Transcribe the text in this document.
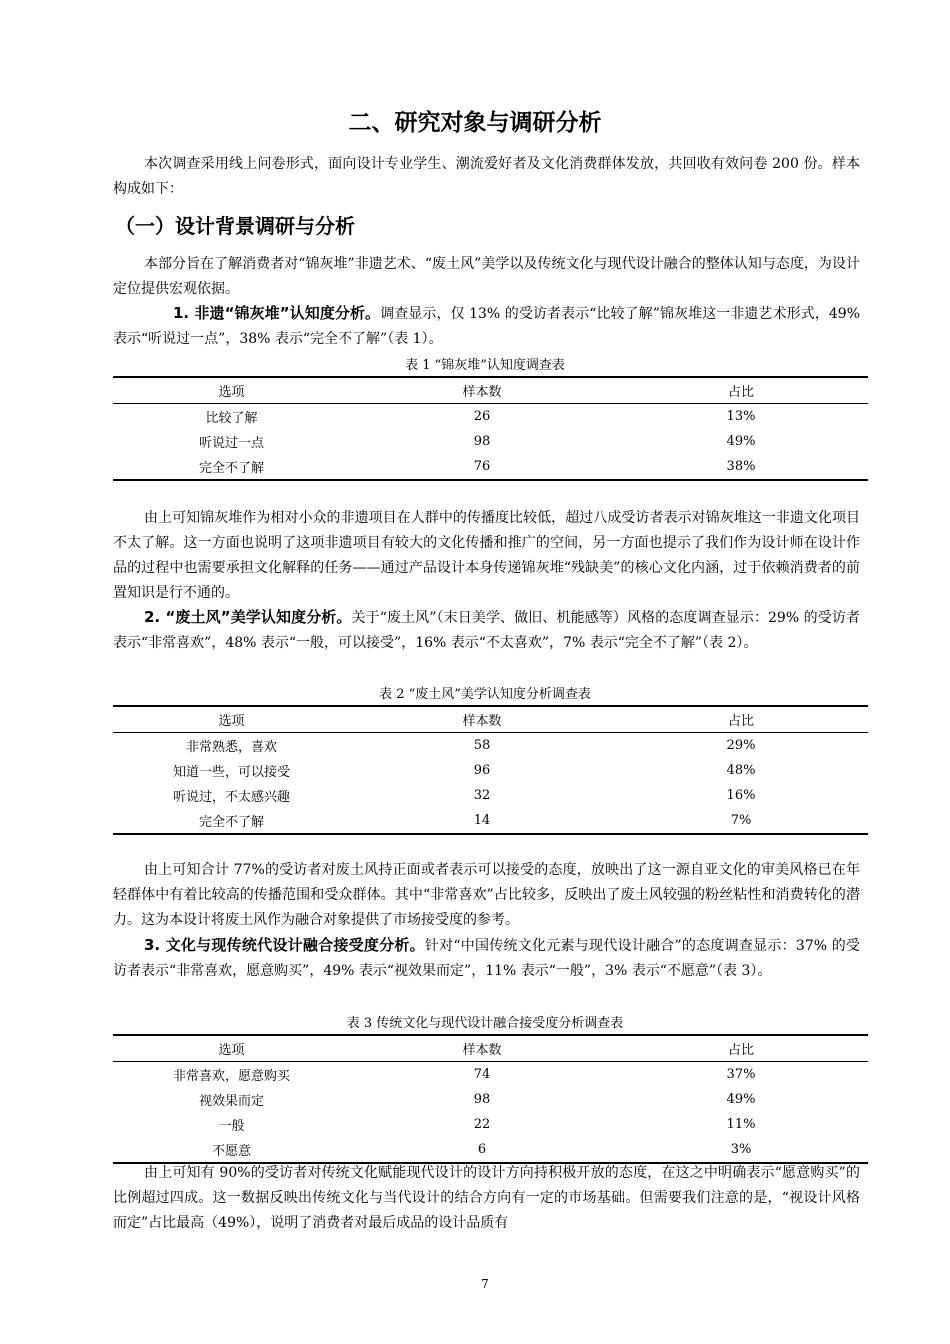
二、研究对象与调研分析

本次调查采用线上问卷形式，面向设计专业学生、潮流爱好者及文化消费群体发放，共回收有效问卷 200 份。样本构成如下：

（一）设计背景调研与分析

本部分旨在了解消费者对“锦灰堆”非遗艺术、“废土风”美学以及传统文化与现代设计融合的整体认知与态度，为设计定位提供宏观依据。

1. 非遗“锦灰堆”认知度分析。调查显示，仅 13% 的受访者表示“比较了解”锦灰堆这一非遗艺术形式，49% 表示“听说过一点”，38% 表示“完全不了解”（表 1）。

表 1 “锦灰堆”认知度调查表

选项	样本数	占比
比较了解	26	13%
听说过一点	98	49%
完全不了解	76	38%

由上可知锦灰堆作为相对小众的非遗项目在人群中的传播度比较低，超过八成受访者表示对锦灰堆这一非遗文化项目不太了解。这一方面也说明了这项非遗项目有较大的文化传播和推广的空间，另一方面也提示了我们作为设计师在设计作品的过程中也需要承担文化解释的任务——通过产品设计本身传递锦灰堆“残缺美”的核心文化内涵，过于依赖消费者的前置知识是行不通的。

2. “废土风”美学认知度分析。关于“废土风”（末日美学、做旧、机能感等）风格的态度调查显示：29% 的受访者表示“非常喜欢”，48% 表示“一般，可以接受”，16% 表示“不太喜欢”，7% 表示“完全不了解”（表 2）。

表 2 “废土风”美学认知度分析调查表

选项	样本数	占比
非常熟悉，喜欢	58	29%
知道一些，可以接受	96	48%
听说过，不太感兴趣	32	16%
完全不了解	14	7%

由上可知合计 77%的受访者对废土风持正面或者表示可以接受的态度，放映出了这一源自亚文化的审美风格已在年轻群体中有着比较高的传播范围和受众群体。其中“非常喜欢”占比较多，反映出了废土风较强的粉丝粘性和消费转化的潜力。这为本设计将废土风作为融合对象提供了市场接受度的参考。

3. 文化与现传统代设计融合接受度分析。针对“中国传统文化元素与现代设计融合”的态度调查显示：37% 的受访者表示“非常喜欢，愿意购买”，49% 表示“视效果而定”，11% 表示“一般”，3% 表示“不愿意”（表 3）。

表 3 传统文化与现代设计融合接受度分析调查表

选项	样本数	占比
非常喜欢，愿意购买	74	37%
视效果而定	98	49%
一般	22	11%
不愿意	6	3%

由上可知有 90%的受访者对传统文化赋能现代设计的设计方向持积极开放的态度，在这之中明确表示“愿意购买”的比例超过四成。这一数据反映出传统文化与当代设计的结合方向有一定的市场基础。但需要我们注意的是，“视设计风格而定”占比最高（49%），说明了消费者对最后成品的设计品质有

7
